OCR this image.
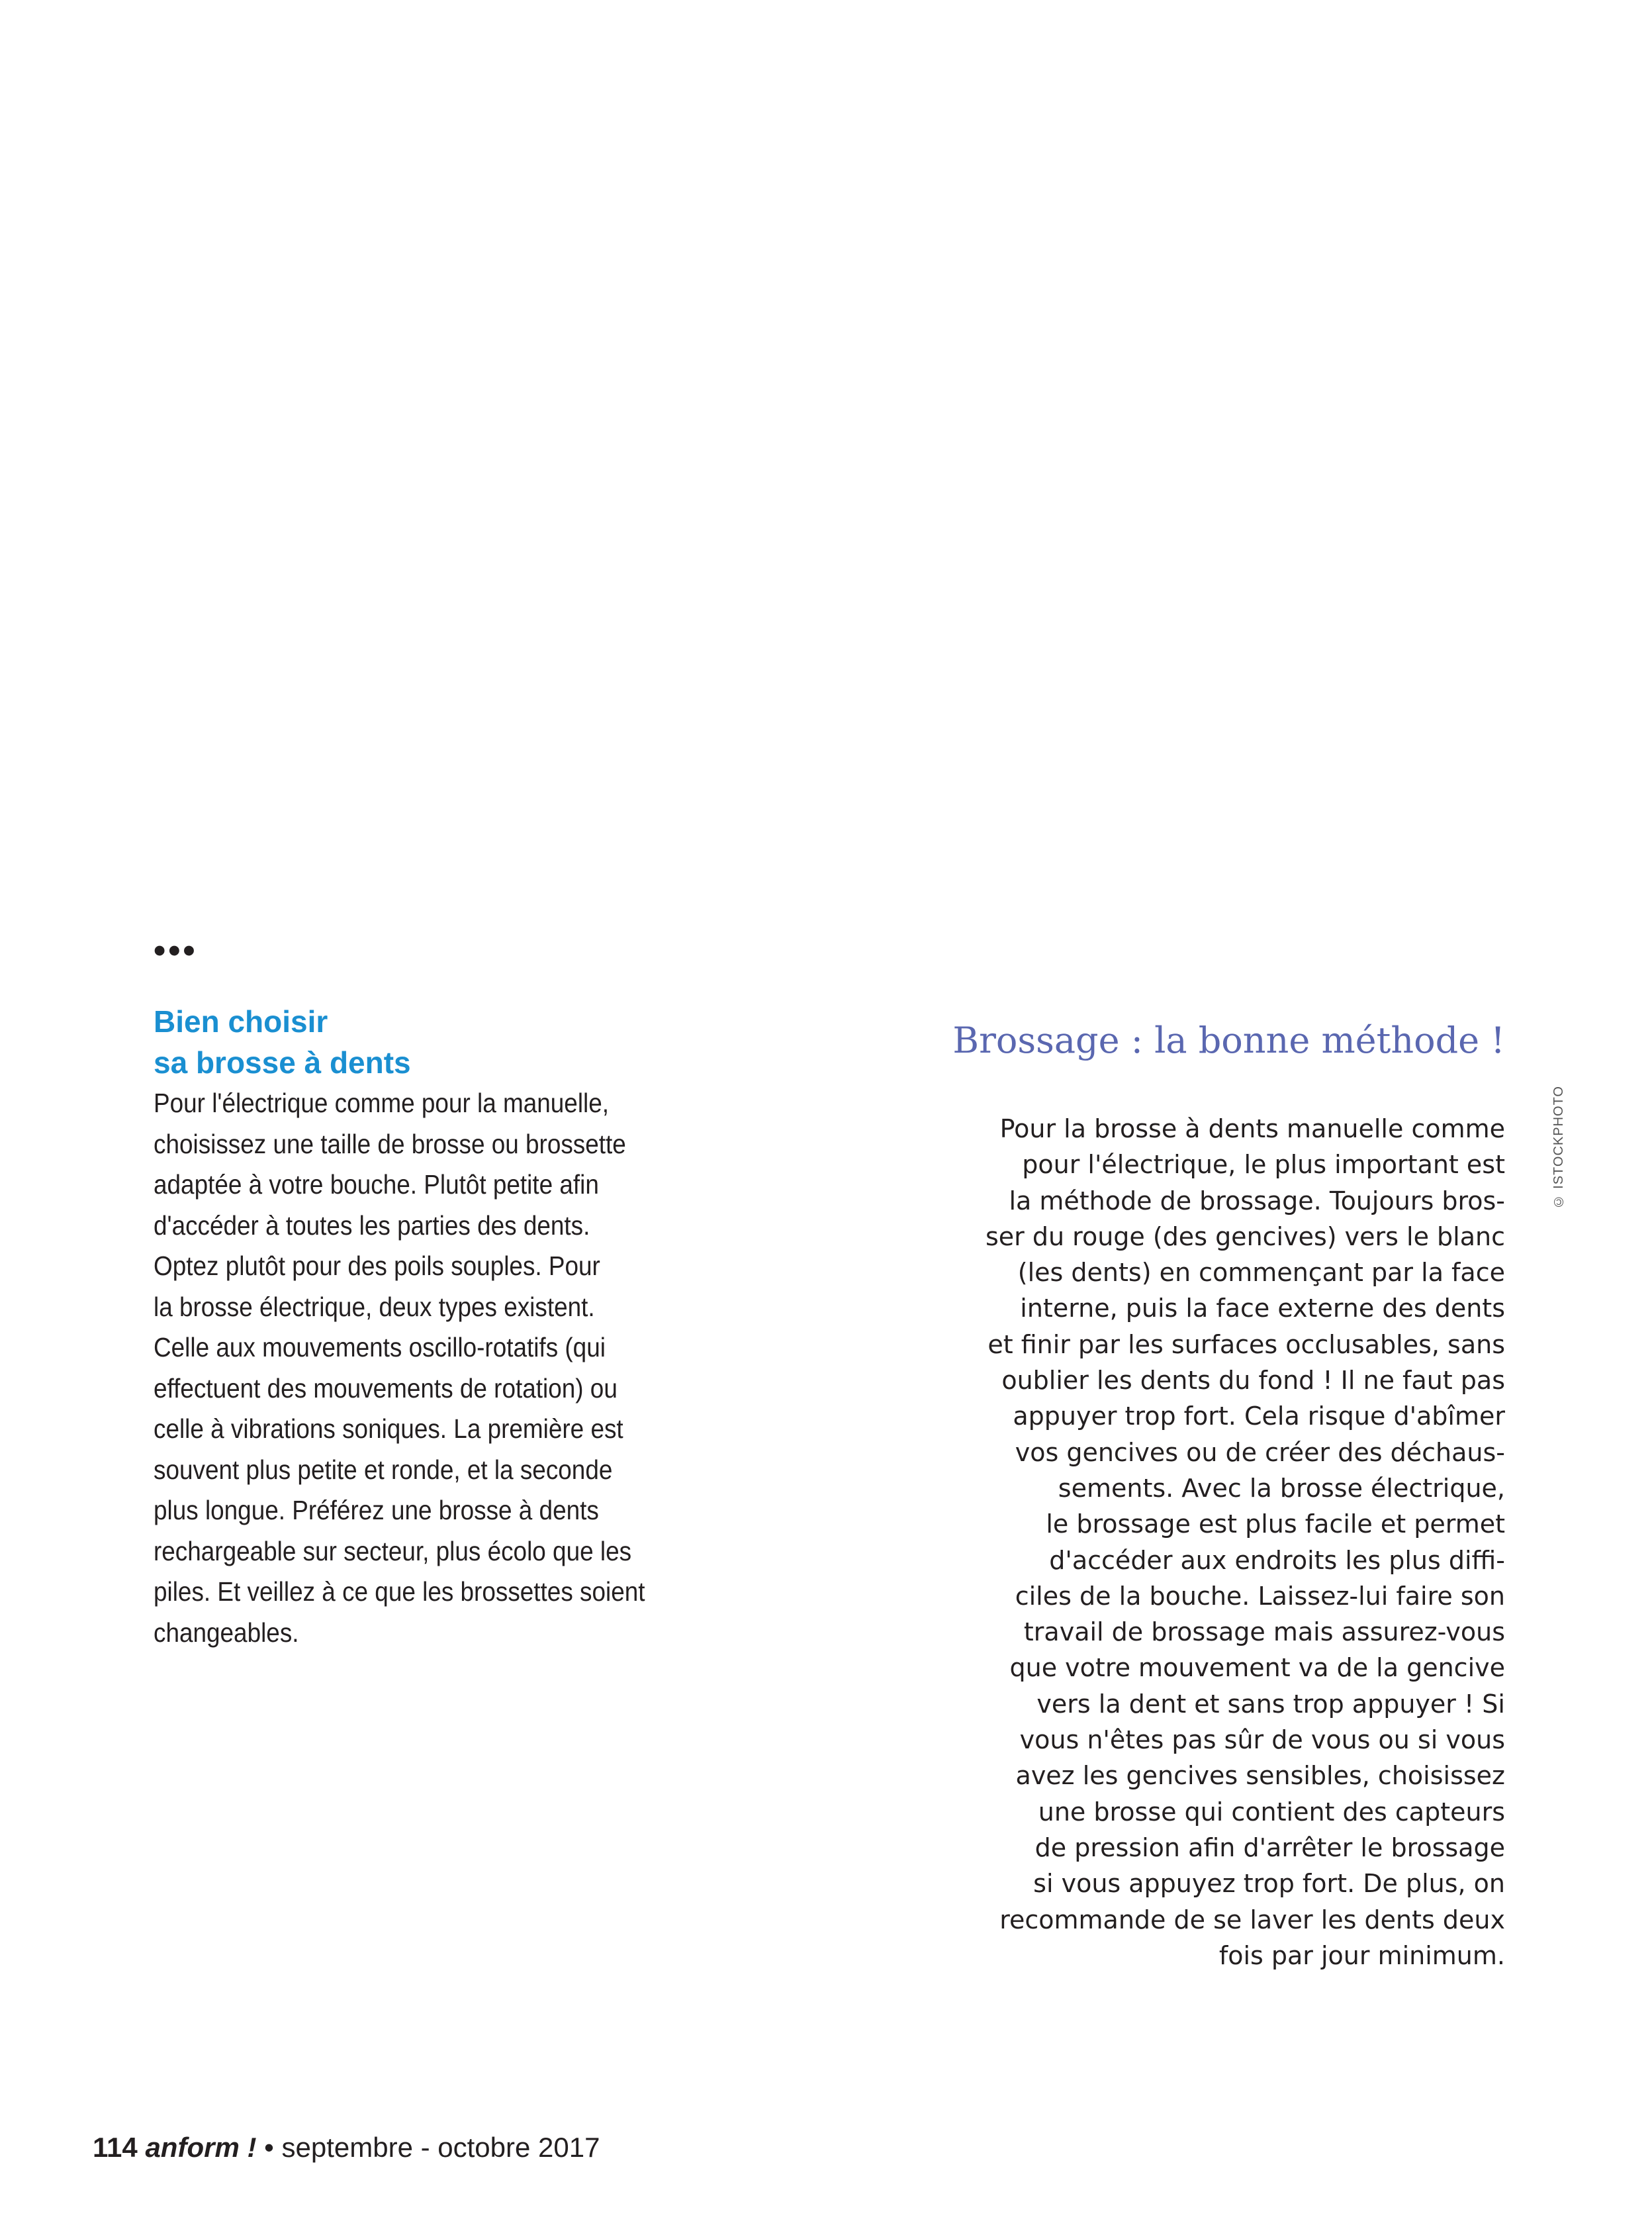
•••
Bien choisir
sa brosse à dents

Pour l'électrique comme pour la manuelle,
choisissez une taille de brosse ou brossette
adaptée à votre bouche. Plutôt petite afin
d'accéder à toutes les parties des dents.
Optez plutôt pour des poils souples. Pour
la brosse électrique, deux types existent.
Celle aux mouvements oscillo-rotatifs (qui
effectuent des mouvements de rotation) ou
celle à vibrations soniques. La première est
souvent plus petite et ronde, et la seconde
plus longue. Préférez une brosse à dents
rechargeable sur secteur, plus écolo que les
piles. Et veillez à ce que les brossettes soient
changeables.

Brossage : la bonne méthode !

Pour la brosse à dents manuelle comme
pour l'électrique, le plus important est
la méthode de brossage. Toujours bros-
ser du rouge (des gencives) vers le blanc
(les dents) en commençant par la face
interne, puis la face externe des dents
et finir par les surfaces occlusables, sans
oublier les dents du fond ! Il ne faut pas
appuyer trop fort. Cela risque d'abîmer
vos gencives ou de créer des déchaus-
sements. Avec la brosse électrique,
le brossage est plus facile et permet
d'accéder aux endroits les plus diffi-
ciles de la bouche. Laissez-lui faire son
travail de brossage mais assurez-vous
que votre mouvement va de la gencive
vers la dent et sans trop appuyer ! Si
vous n'êtes pas sûr de vous ou si vous
avez les gencives sensibles, choisissez
une brosse qui contient des capteurs
de pression afin d'arrêter le brossage
si vous appuyez trop fort. De plus, on
recommande de se laver les dents deux
fois par jour minimum.

© ISTOCKPHOTO
114 anform ! • septembre - octobre 2017
